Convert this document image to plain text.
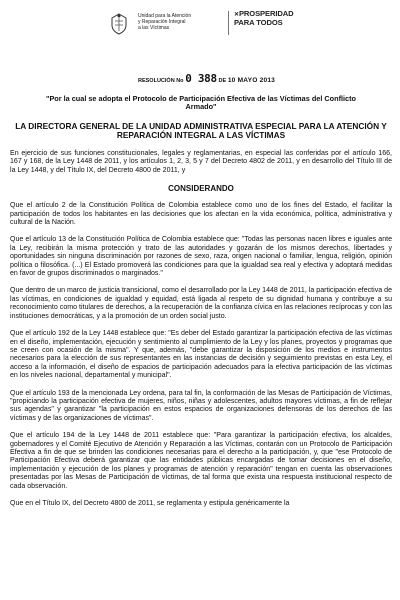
Unidad para la Atención
y Reparación Integral
a las Víctimas
✕PROSPERIDAD
PARA TODOS
RESOLUCIÓN No 0 388 DE 10 MAYO 2013
"Por la cual se adopta el Protocolo de Participación Efectiva de las Víctimas del Conflicto Armado"
LA DIRECTORA GENERAL DE LA UNIDAD ADMINISTRATIVA ESPECIAL PARA LA ATENCIÓN Y REPARACIÓN INTEGRAL A LAS VÍCTIMAS

En ejercicio de sus funciones constitucionales, legales y reglamentarias, en especial las conferidas por el artículo 166, 167 y 168, de la Ley 1448 de 2011, y los artículos 1, 2, 3, 5 y 7 del Decreto 4802 de 2011, y en desarrollo del Título III de la Ley 1448, y del Título IX, del Decreto 4800 de 2011, y

CONSIDERANDO

Que el artículo 2 de la Constitución Política de Colombia establece como uno de los fines del Estado, el facilitar la participación de todos los habitantes en las decisiones que los afectan en la vida económica, política, administrativa y cultural de la Nación.

Que el artículo 13 de la Constitución Política de Colombia establece que: "Todas las personas nacen libres e iguales ante la Ley, recibirán la misma protección y trato de las autoridades y gozarán de los mismos derechos, libertades y oportunidades sin ninguna discriminación por razones de sexo, raza, origen nacional o familiar, lengua, religión, opinión política o filosófica. (...) El Estado promoverá las condiciones para que la igualdad sea real y efectiva y adoptará medidas en favor de grupos discriminados o marginados."

Que dentro de un marco de justicia transicional, como el desarrollado por la Ley 1448 de 2011, la participación efectiva de las víctimas, en condiciones de igualdad y equidad, está ligada al respeto de su dignidad humana y contribuye a su reconocimiento como titulares de derechos, a la recuperación de la confianza cívica en las relaciones recíprocas y con las instituciones democráticas, y a la promoción de un orden social justo.

Que el artículo 192 de la Ley 1448 establece que: "Es deber del Estado garantizar la participación efectiva de las víctimas en el diseño, implementación, ejecución y sentimiento al cumplimiento de la Ley y los planes, proyectos y programas que se creen con ocasión de la misma". Y que, además, "debe garantizar la disposición de los medios e instrumentos necesarios para la elección de sus representantes en las instancias de decisión y seguimiento previstas en esta Ley, el acceso a la información, el diseño de espacios de participación adecuados para la efectiva participación de las víctimas en los niveles nacional, departamental y municipal".

Que el artículo 193 de la mencionada Ley ordena, para tal fin, la conformación de las Mesas de Participación de Víctimas, "propiciando la participación efectiva de mujeres, niños, niñas y adolescentes, adultos mayores víctimas, a fin de reflejar sus agendas" y garantizar "la participación en estos espacios de organizaciones defensoras de los derechos de las víctimas y de las organizaciones de víctimas".

Que el artículo 194 de la Ley 1448 de 2011 establece que: "Para garantizar la participación efectiva, los alcaldes, gobernadores y el Comité Ejecutivo de Atención y Reparación a las Víctimas, contarán con un Protocolo de Participación Efectiva a fin de que se brinden las condiciones necesarias para el derecho a la participación, y, que "ese Protocolo de Participación Efectiva deberá garantizar que las entidades públicas encargadas de tomar decisiones en el diseño, implementación y ejecución de los planes y programas de atención y reparación" tengan en cuenta las observaciones presentadas por las Mesas de Participación de víctimas, de tal forma que exista una respuesta institucional respecto de cada observación.

Que en el Título IX, del Decreto 4800 de 2011, se reglamenta y estipula genéricamente la
